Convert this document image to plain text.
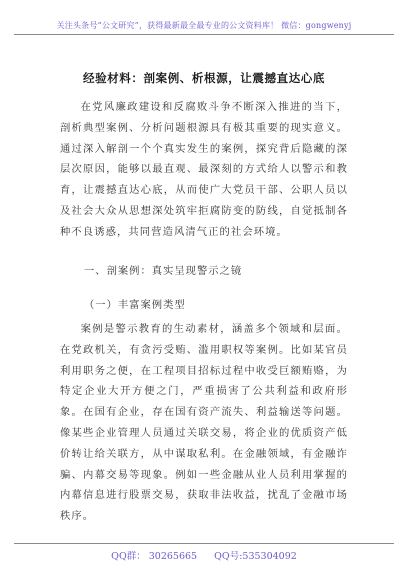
关注头条号“公文研究”，获得最新最全最专业的公文资料库！ 微信：gongwenyj
经验材料：剖案例、析根源，让震撼直达心底

在党风廉政建设和反腐败斗争不断深入推进的当下，剖析典型案例、分析问题根源具有极其重要的现实意义。通过深入解剖一个个真实发生的案例，探究背后隐藏的深层次原因，能够以最直观、最深刻的方式给人以警示和教育，让震撼直达心底，从而使广大党员干部、公职人员以及社会大众从思想深处筑牢拒腐防变的防线，自觉抵制各种不良诱惑，共同营造风清气正的社会环境。

一、剖案例：真实呈现警示之镜
（一）丰富案例类型

案例是警示教育的生动素材，涵盖多个领域和层面。在党政机关，有贪污受贿、滥用职权等案例。比如某官员利用职务之便，在工程项目招标过程中收受巨额贿赂，为特定企业大开方便之门，严重损害了公共利益和政府形象。在国有企业，存在国有资产流失、利益输送等问题。像某些企业管理人员通过关联交易，将企业的优质资产低价转让给关联方，从中谋取私利。在金融领域，有金融诈骗、内幕交易等现象。例如一些金融从业人员利用掌握的内幕信息进行股票交易，获取非法收益，扰乱了金融市场秩序。

QQ群： 30265665 QQ号:535304092
